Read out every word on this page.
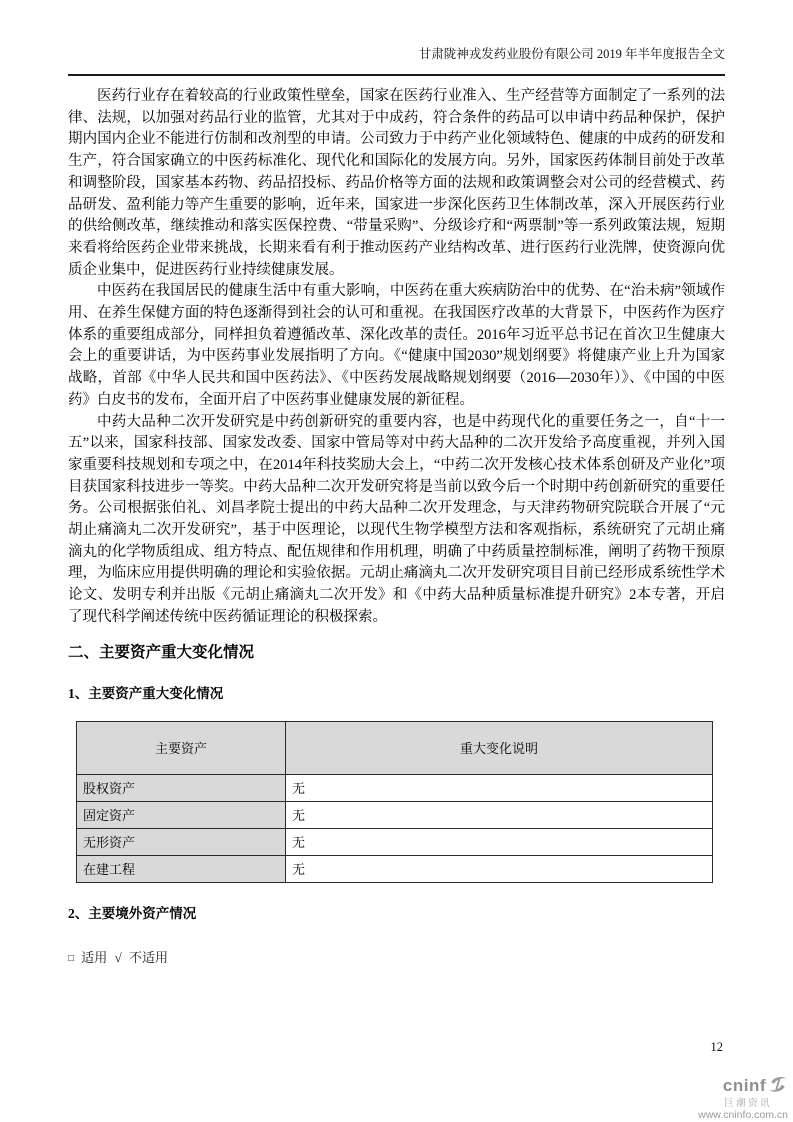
甘肃陇神戎发药业股份有限公司 2019 年半年度报告全文

医药行业存在着较高的行业政策性壁垒，国家在医药行业准入、生产经营等方面制定了一系列的法律、法规，以加强对药品行业的监管，尤其对于中成药，符合条件的药品可以申请中药品种保护，保护期内国内企业不能进行仿制和改剂型的申请。公司致力于中药产业化领域特色、健康的中成药的研发和生产，符合国家确立的中医药标准化、现代化和国际化的发展方向。另外，国家医药体制目前处于改革和调整阶段，国家基本药物、药品招投标、药品价格等方面的法规和政策调整会对公司的经营模式、药品研发、盈利能力等产生重要的影响，近年来，国家进一步深化医药卫生体制改革，深入开展医药行业的供给侧改革，继续推动和落实医保控费、“带量采购”、分级诊疗和“两票制”等一系列政策法规，短期来看将给医药企业带来挑战，长期来看有利于推动医药产业结构改革、进行医药行业洗牌，使资源向优质企业集中，促进医药行业持续健康发展。

中医药在我国居民的健康生活中有重大影响，中医药在重大疾病防治中的优势、在“治未病”领域作用、在养生保健方面的特色逐渐得到社会的认可和重视。在我国医疗改革的大背景下，中医药作为医疗体系的重要组成部分，同样担负着遵循改革、深化改革的责任。2016年习近平总书记在首次卫生健康大会上的重要讲话，为中医药事业发展指明了方向。《“健康中国2030”规划纲要》将健康产业上升为国家战略，首部《中华人民共和国中医药法》、《中医药发展战略规划纲要（2016—2030年）》、《中国的中医药》白皮书的发布，全面开启了中医药事业健康发展的新征程。

中药大品种二次开发研究是中药创新研究的重要内容，也是中药现代化的重要任务之一，自“十一五”以来，国家科技部、国家发改委、国家中管局等对中药大品种的二次开发给予高度重视，并列入国家重要科技规划和专项之中，在2014年科技奖励大会上，“中药二次开发核心技术体系创研及产业化”项目获国家科技进步一等奖。中药大品种二次开发研究将是当前以致今后一个时期中药创新研究的重要任务。公司根据张伯礼、刘昌孝院士提出的中药大品种二次开发理念，与天津药物研究院联合开展了“元胡止痛滴丸二次开发研究”，基于中医理论，以现代生物学模型方法和客观指标，系统研究了元胡止痛滴丸的化学物质组成、组方特点、配伍规律和作用机理，明确了中药质量控制标准，阐明了药物干预原理，为临床应用提供明确的理论和实验依据。元胡止痛滴丸二次开发研究项目目前已经形成系统性学术论文、发明专利并出版《元胡止痛滴丸二次开发》和《中药大品种质量标准提升研究》2本专著，开启了现代科学阐述传统中医药循证理论的积极探索。

二、主要资产重大变化情况
1、主要资产重大变化情况
主要资产	重大变化说明
股权资产	无
固定资产	无
无形资产	无
在建工程	无
2、主要境外资产情况
□ 适用 √ 不适用
12
cninf
巨潮资讯
www.cninfo.com.cn
